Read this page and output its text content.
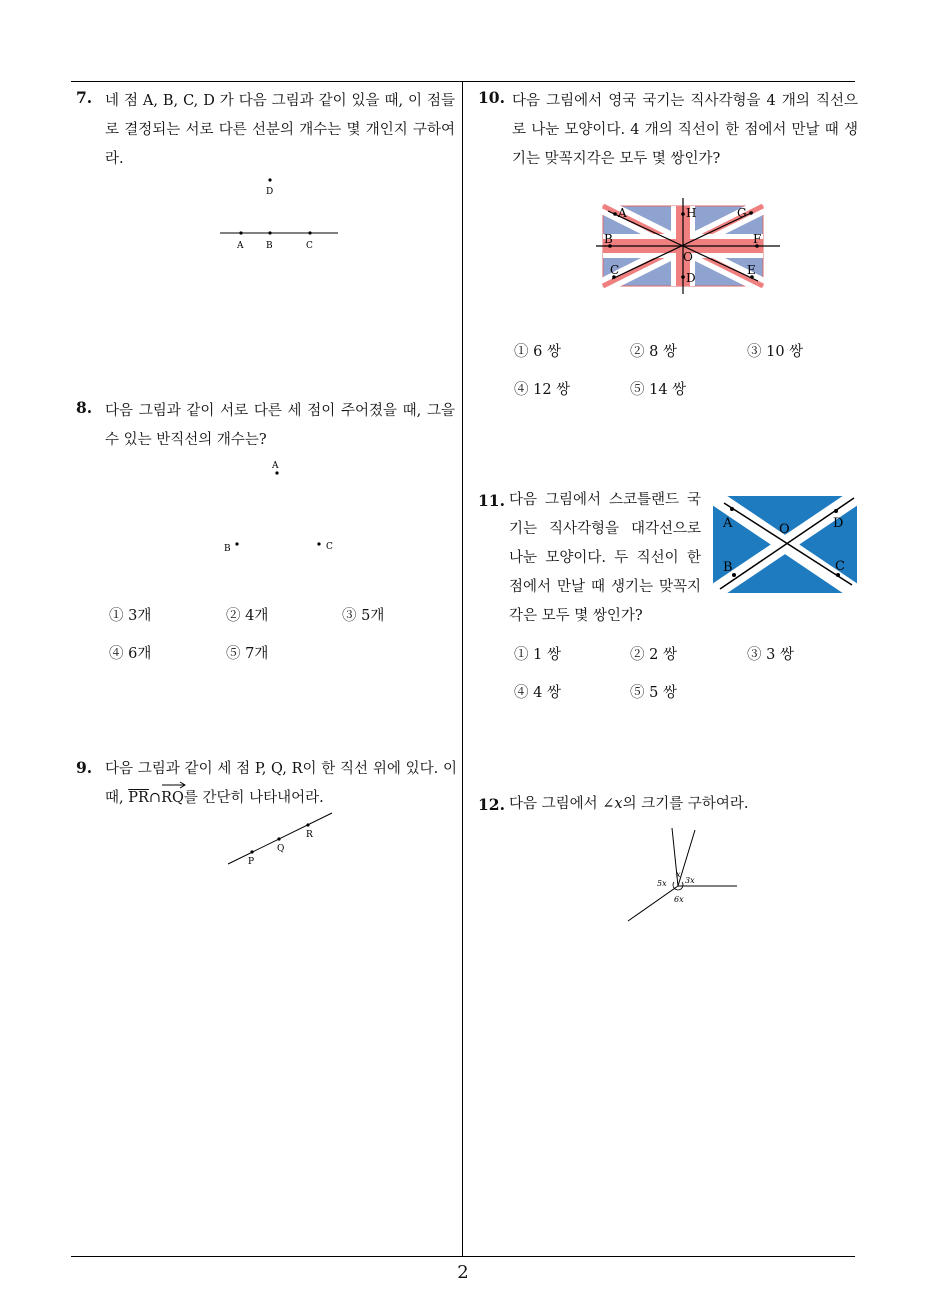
7. 네 점 A, B, C, D 가 다음 그림과 같이 있을 때, 이 점들로 결정되는 서로 다른 선분의 개수는 몇 개인지 구하여라.
A	B	C
D
8. 다음 그림과 같이 서로 다른 세 점이 주어졌을 때, 그을 수 있는 반직선의 개수는?
A
B	C
① 3개	② 4개	③ 5개
④ 6개	⑤ 7개
9. 다음 그림과 같이 세 점 P, Q, R이 한 직선 위에 있다. 이 때, $\overline{PR}\cap$
RQ를 간단히 나타내어라.
P
Q
R
10. 다음 그림에서 영국 국기는 직사각형을 4 개의 직선으로 나눈 모양이다. 4 개의 직선이 한 점에서 만날 때 생기는 맞꼭지각은 모두 몇 쌍인가?
A	H	G
B	F
O
C
D
E
① 6 쌍	② 8 쌍	③ 10 쌍
④ 12 쌍	⑤ 14 쌍
11. 다음 그림에서 스코틀랜드 국기는 직사각형을 대각선으로 나눈 모양이다. 두 직선이 한 점에서 만날 때 생기는 맞꼭지각은 모두 몇 쌍인가?
A	O	D
B	C
① 1 쌍	② 2 쌍	③ 3 쌍
④ 4 쌍	⑤ 5 쌍
12. 다음 그림에서 ∠x의 크기를 구하여라.
x
3x
5x
6x
2
